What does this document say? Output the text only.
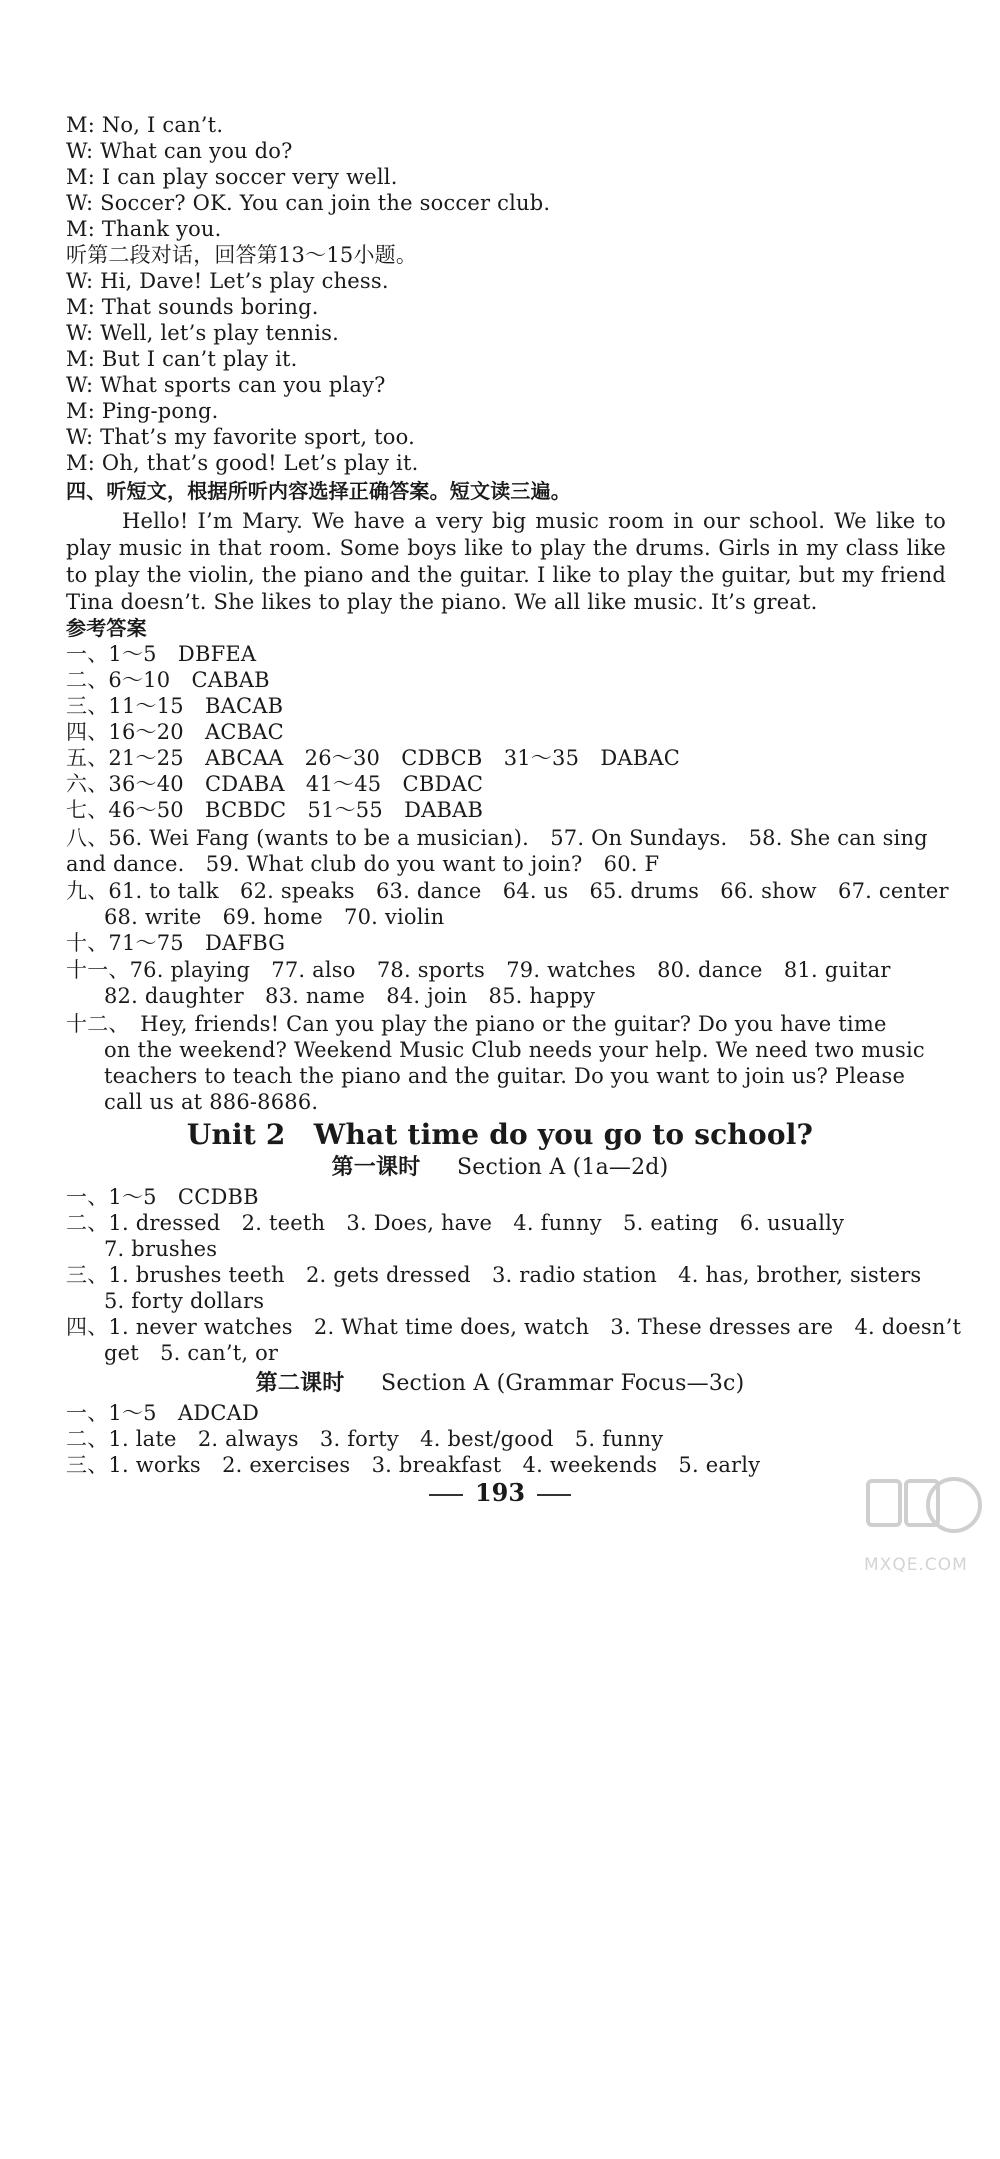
M: No, I can’t.
W: What can you do?
M: I can play soccer very well.
W: Soccer? OK. You can join the soccer club.
M: Thank you.
听第二段对话，回答第13～15小题。
W: Hi, Dave! Let’s play chess.
M: That sounds boring.
W: Well, let’s play tennis.
M: But I can’t play it.
W: What sports can you play?
M: Ping-pong.
W: That’s my favorite sport, too.
M: Oh, that’s good! Let’s play it.
四、听短文，根据所听内容选择正确答案。短文读三遍。
Hello! I’m Mary. We have a very big music room in our school. We like to
play music in that room. Some boys like to play the drums. Girls in my class like
to play the violin, the piano and the guitar. I like to play the guitar, but my friend
Tina doesn’t. She likes to play the piano. We all like music. It’s great.
参考答案
一、1～5　DBFEA
二、6～10　CABAB
三、11～15　BACAB
四、16～20　ACBAC
五、21～25　ABCAA　26～30　CDBCB　31～35　DABAC
六、36～40　CDABA　41～45　CBDAC
七、46～50　BCBDC　51～55　DABAB
八、56. Wei Fang (wants to be a musician).　57. On Sundays.　58. She can sing
and dance.　59. What club do you want to join?　60. F
九、61. to talk　62. speaks　63. dance　64. us　65. drums　66. show　67. center
68. write　69. home　70. violin
十、71～75　DAFBG
十一、76. playing　77. also　78. sports　79. watches　80. dance　81. guitar
82. daughter　83. name　84. join　85. happy
十二、　Hey, friends! Can you play the piano or the guitar? Do you have time
on the weekend? Weekend Music Club needs your help. We need two music
teachers to teach the piano and the guitar. Do you want to join us? Please
call us at 886-8686.
Unit 2　What time do you go to school?
第一课时 　 Section A (1a—2d)
一、1～5　CCDBB
二、1. dressed　2. teeth　3. Does, have　4. funny　5. eating　6. usually
7. brushes
三、1. brushes teeth　2. gets dressed　3. radio station　4. has, brother, sisters
5. forty dollars
四、1. never watches　2. What time does, watch　3. These dresses are　4. doesn’t
get　5. can’t, or
第二课时 　 Section A (Grammar Focus—3c)
一、1～5　ADCAD
二、1. late　2. always　3. forty　4. best/good　5. funny
三、1. works　2. exercises　3. breakfast　4. weekends　5. early
193
MXQE.COM
